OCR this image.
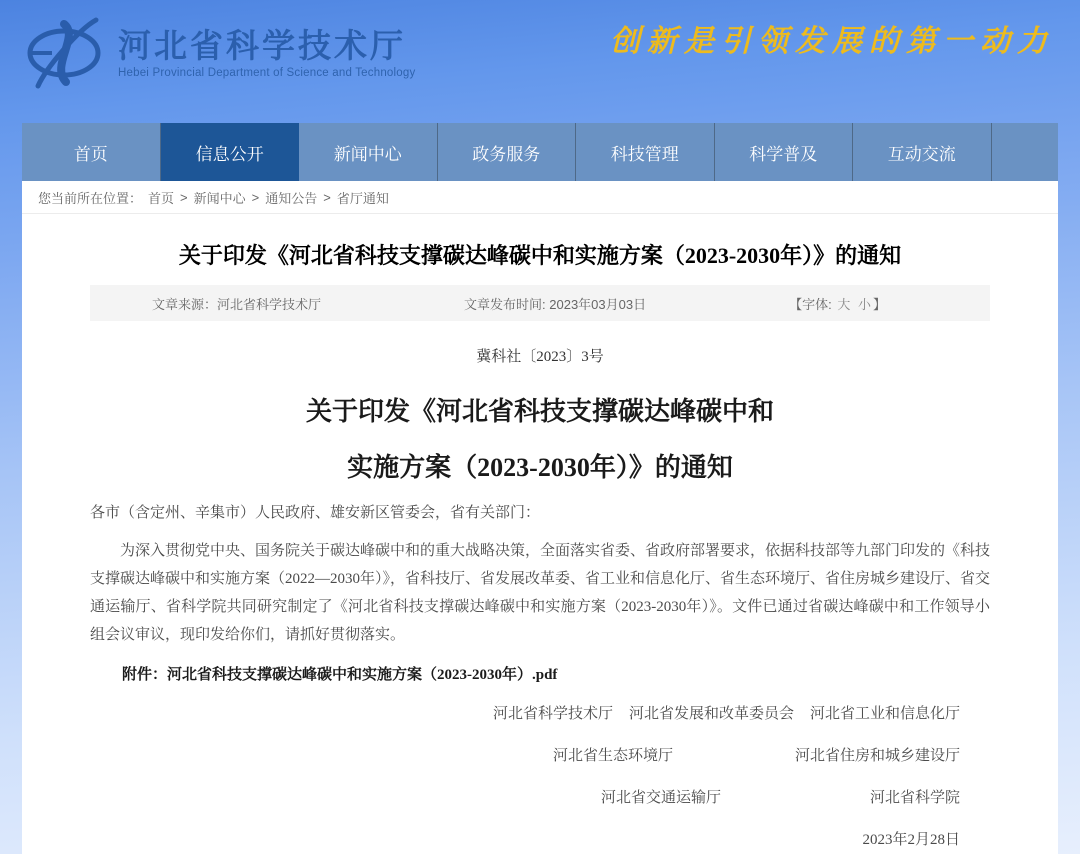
河北省科学技术厅
Hebei Provincial Department of Science and Technology
创新是引领发展的第一动力
首页	信息公开	新闻中心	政务服务	科技管理	科学普及	互动交流
您当前所在位置： 首页 > 新闻中心 > 通知公告 > 省厅通知
关于印发《河北省科技支撑碳达峰碳中和实施方案（2023-2030年）》的通知
文章来源：河北省科学技术厅	文章发布时间: 2023年03月03日	【字体: 大 小 】
冀科社〔2023〕3号
关于印发《河北省科技支撑碳达峰碳中和
实施方案（2023-2030年）》的通知

各市（含定州、辛集市）人民政府、雄安新区管委会，省有关部门：

为深入贯彻党中央、国务院关于碳达峰碳中和的重大战略决策，全面落实省委、省政府部署要求，依据科技部等九部门印发的《科技支撑碳达峰碳中和实施方案（2022—2030年）》，省科技厅、省发展改革委、省工业和信息化厅、省生态环境厅、省住房城乡建设厅、省交通运输厅、省科学院共同研究制定了《河北省科技支撑碳达峰碳中和实施方案（2023-2030年）》。文件已通过省碳达峰碳中和工作领导小组会议审议，现印发给你们，请抓好贯彻落实。

附件：河北省科技支撑碳达峰碳中和实施方案（2023-2030年）.pdf

河北省科学技术厅 河北省发展和改革委员会 河北省工业和信息化厅
河北省生态环境厅	河北省住房和城乡建设厅
河北省交通运输厅	河北省科学院
2023年2月28日
